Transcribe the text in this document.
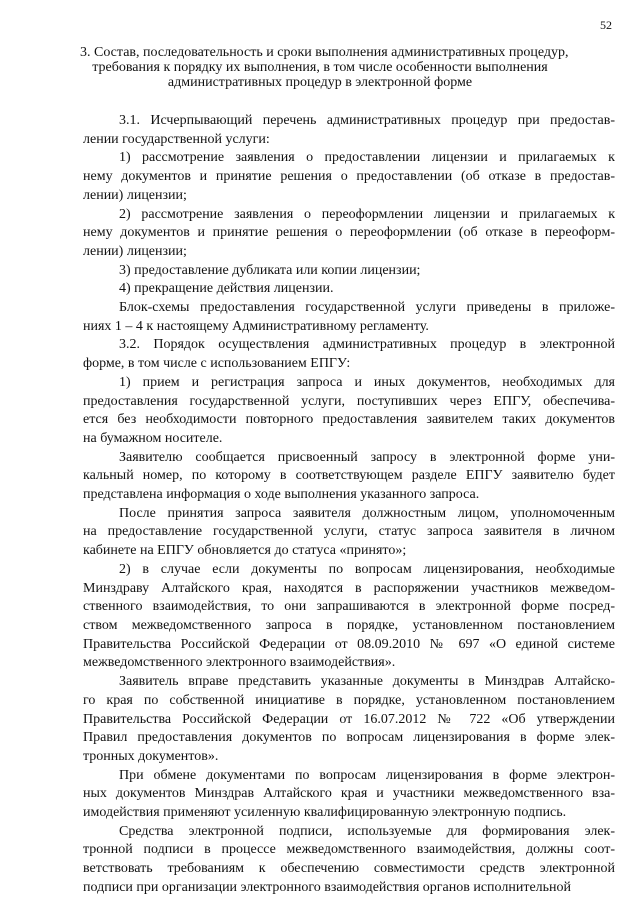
52
3. Состав, последовательность и сроки выполнения административных процедур,
требования к порядку их выполнения, в том числе особенности выполнения
административных процедур в электронной форме
3.1. Исчерпывающий перечень административных процедур при предостав-
лении государственной услуги:
1) рассмотрение заявления о предоставлении лицензии и прилагаемых к
нему документов и принятие решения о предоставлении (об отказе в предостав-
лении) лицензии;
2) рассмотрение заявления о переоформлении лицензии и прилагаемых к
нему документов и принятие решения о переоформлении (об отказе в переоформ-
лении) лицензии;
3) предоставление дубликата или копии лицензии;
4) прекращение действия лицензии.
Блок-схемы предоставления государственной услуги приведены в приложе-
ниях 1 – 4 к настоящему Административному регламенту.
3.2. Порядок осуществления административных процедур в электронной
форме, в том числе с использованием ЕПГУ:
1) прием и регистрация запроса и иных документов, необходимых для
предоставления государственной услуги, поступивших через ЕПГУ, обеспечива-
ется без необходимости повторного предоставления заявителем таких документов
на бумажном носителе.
Заявителю сообщается присвоенный запросу в электронной форме уни-
кальный номер, по которому в соответствующем разделе ЕПГУ заявителю будет
представлена информация о ходе выполнения указанного запроса.
После принятия запроса заявителя должностным лицом, уполномоченным
на предоставление государственной услуги, статус запроса заявителя в личном
кабинете на ЕПГУ обновляется до статуса «принято»;
2) в случае если документы по вопросам лицензирования, необходимые
Минздраву Алтайского края, находятся в распоряжении участников межведом-
ственного взаимодействия, то они запрашиваются в электронной форме посред-
ством межведомственного запроса в порядке, установленном постановлением
Правительства Российской Федерации от 08.09.2010 № 697 «О единой системе
межведомственного электронного взаимодействия».
Заявитель вправе представить указанные документы в Минздрав Алтайско-
го края по собственной инициативе в порядке, установленном постановлением
Правительства Российской Федерации от 16.07.2012 № 722 «Об утверждении
Правил предоставления документов по вопросам лицензирования в форме элек-
тронных документов».
При обмене документами по вопросам лицензирования в форме электрон-
ных документов Минздрав Алтайского края и участники межведомственного вза-
имодействия применяют усиленную квалифицированную электронную подпись.
Средства электронной подписи, используемые для формирования элек-
тронной подписи в процессе межведомственного взаимодействия, должны соот-
ветствовать требованиям к обеспечению совместимости средств электронной
подписи при организации электронного взаимодействия органов исполнительной
